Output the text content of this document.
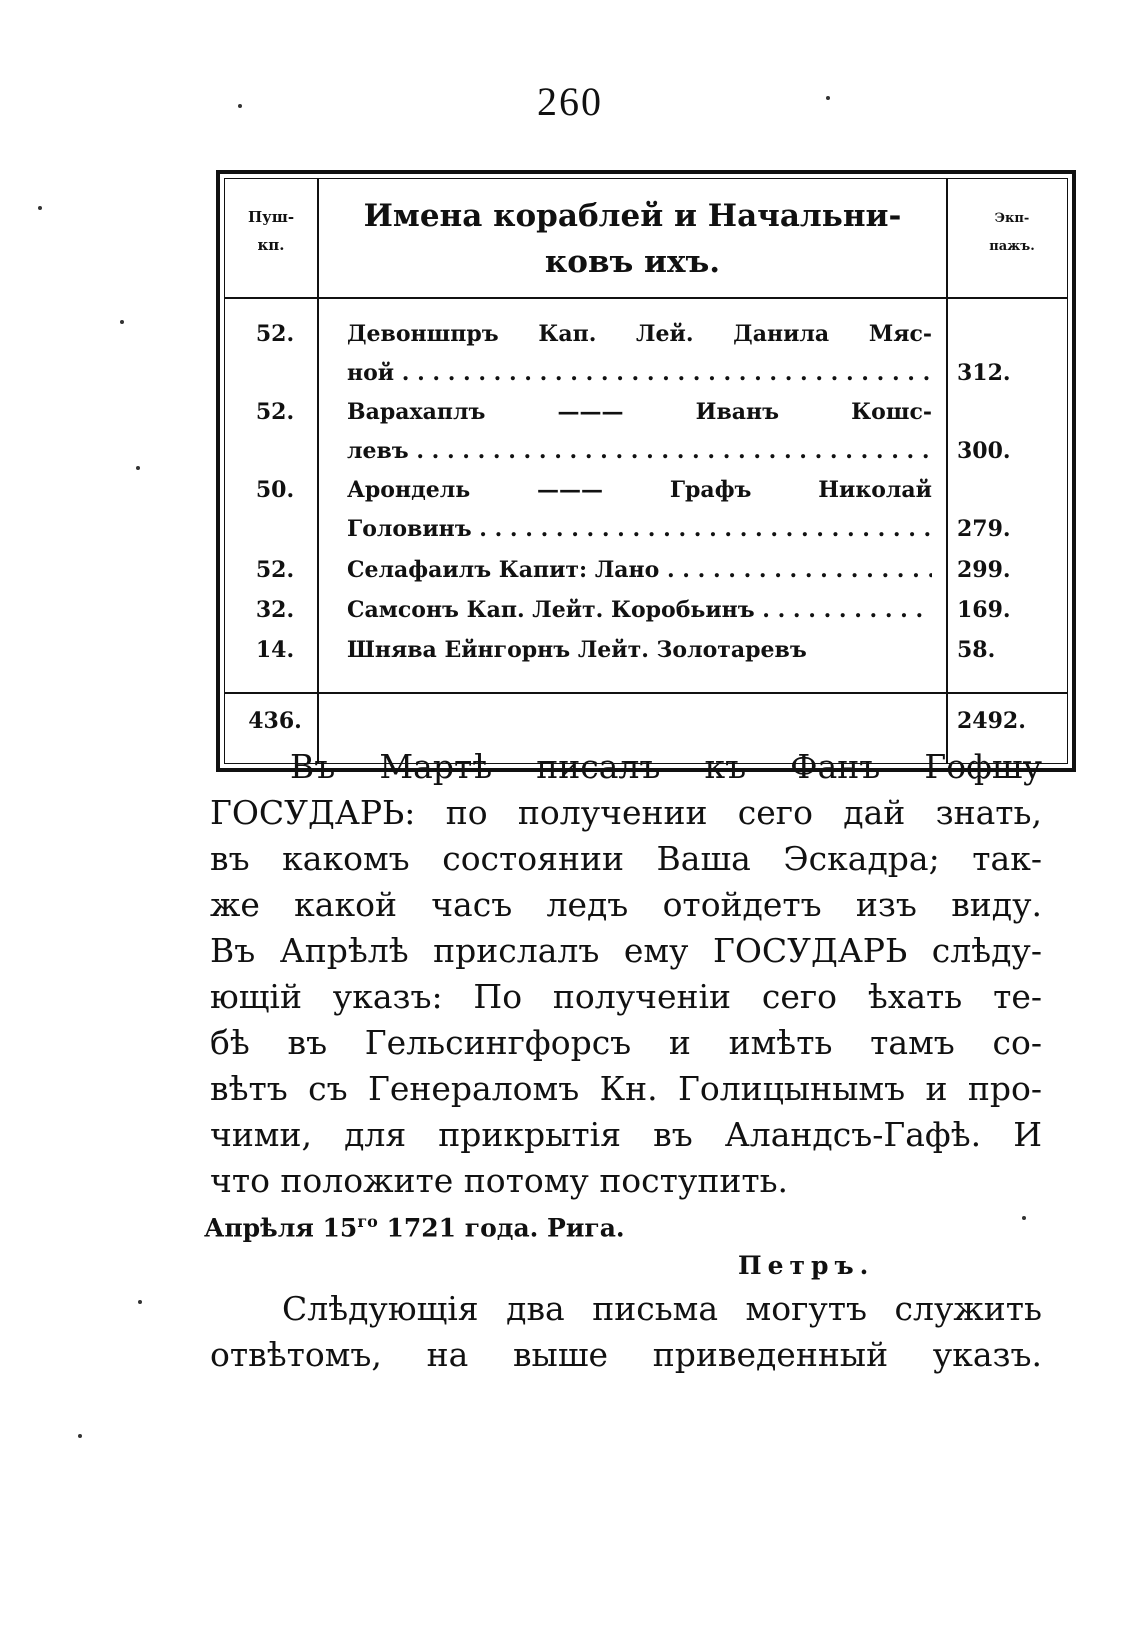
260
Пуш-
кп.
Имена кораблей и Начальни-
ковъ ихъ.
Экп-
пажъ.
52.	Девоншпръ Кап. Лей. Данила Мяс-
ной . . .	312.
52.	Варахаплъ ——— Иванъ Кошс-
левъ . . .	300.
50.	Арондель ——— Графъ Николай
Головинъ . . .	279.
52.	Селафаилъ Капит: Лано . . .	299.
32.	Самсонъ Кап. Лейт. Коробьинъ . . .	169.
14.	Шнява Ейнгорнъ Лейт. Золотаревъ	58.
436.	2492.
Въ Мартѣ писалъ къ Фанъ Гофшу
ГОСУДАРЬ: по получении сего дай знать,
въ какомъ состоянии Ваша Эскадра; так-
же какой часъ ледъ отойдетъ изъ виду.
Въ Апрѣлѣ прислалъ ему ГОСУДАРЬ слѣду-
ющій указъ: По полученіи сего ѣхать те-
бѣ въ Гельсингфорсъ и имѣть тамъ со-
вѣтъ съ Генераломъ Кн. Голицынымъ и про-
чими, для прикрытія въ Аландсъ-Гафѣ. И
что положите потому поступить.
Апрѣля $15^{го}$ 1721 года. Рига.
Петръ.
Слѣдующія два письма могутъ служить
отвѣтомъ, на выше приведенный указъ.
